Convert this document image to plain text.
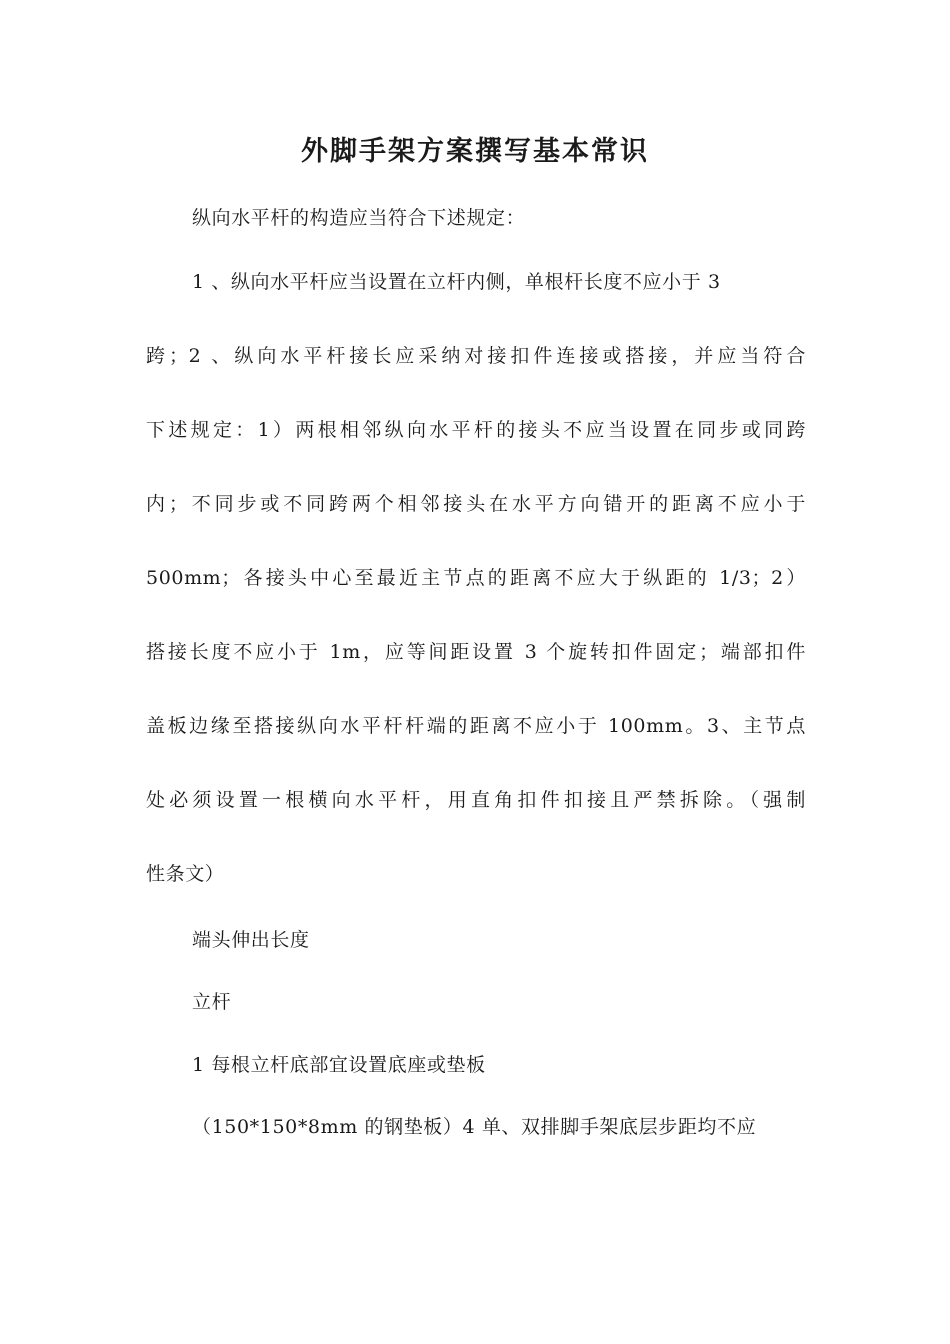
外脚手架方案撰写基本常识

纵向水平杆的构造应当符合下述规定：

1 、纵向水平杆应当设置在立杆内侧，单根杆长度不应小于 3

跨；2 、纵向水平杆接长应采纳对接扣件连接或搭接，并应当符合

下述规定：1）两根相邻纵向水平杆的接头不应当设置在同步或同跨

内；不同步或不同跨两个相邻接头在水平方向错开的距离不应小于

500mm；各接头中心至最近主节点的距离不应大于纵距的 1/3；2）

搭接长度不应小于 1m，应等间距设置 3 个旋转扣件固定；端部扣件

盖板边缘至搭接纵向水平杆杆端的距离不应小于 100mm。3、主节点

处必须设置一根横向水平杆，用直角扣件扣接且严禁拆除。（强制

性条文）

端头伸出长度

立杆

1 每根立杆底部宜设置底座或垫板

（150*150*8mm 的钢垫板）4 单、双排脚手架底层步距均不应
